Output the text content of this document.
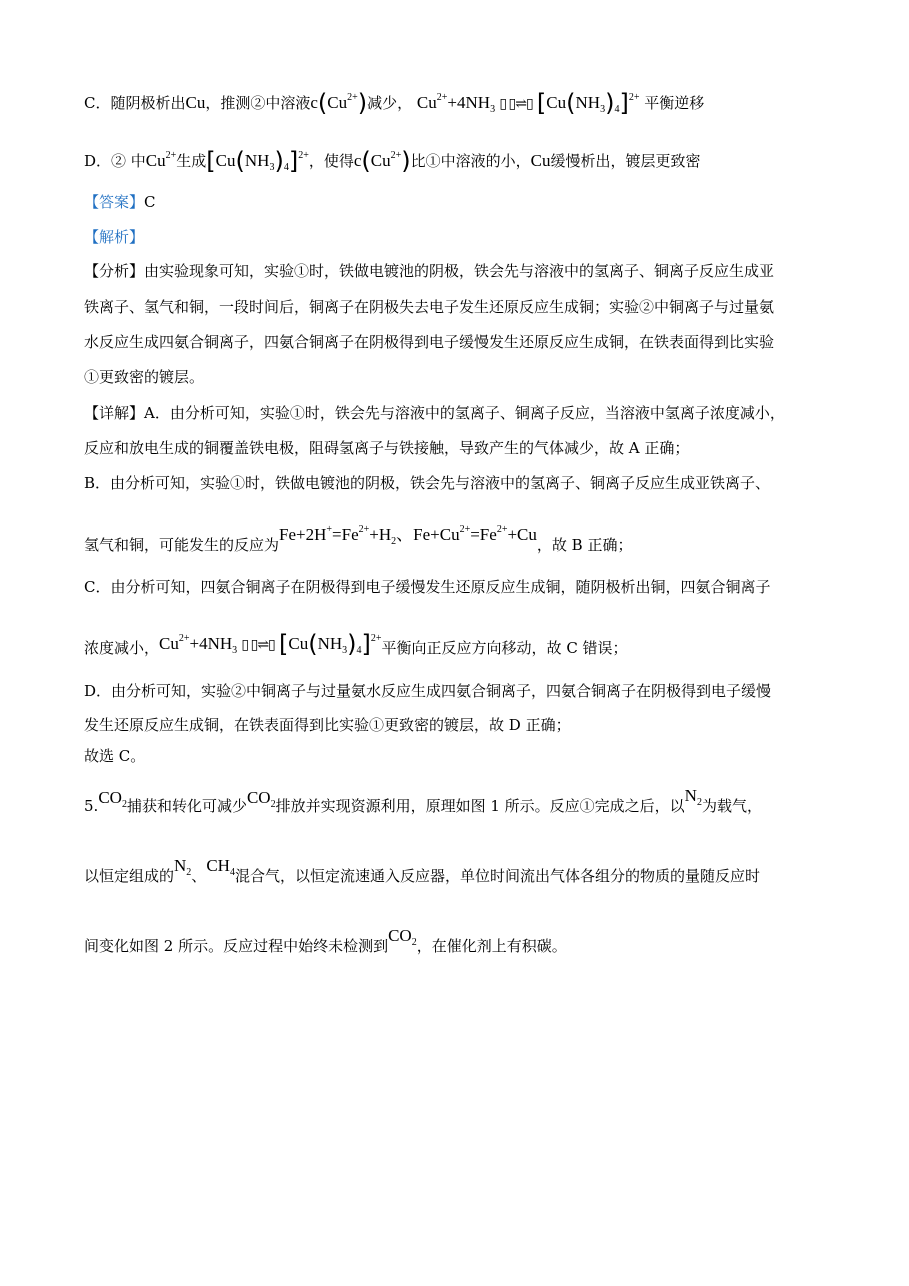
C．随阴极析出Cu，推测②中溶液$c(Cu^{2+})$减少， $Cu^{2+}+4NH_3$ ▯ ▯⇌▯ $[Cu(NH_3)_4]^{2+}$ 平衡逆移
D．② 中$Cu^{2+}$生成$[Cu(NH_3)_4]^{2+}$，使得$c(Cu^{2+})$比①中溶液的小，Cu缓慢析出，镀层更致密
【答案】C
【解析】
【分析】由实验现象可知，实验①时，铁做电镀池的阴极，铁会先与溶液中的氢离子、铜离子反应生成亚
铁离子、氢气和铜，一段时间后，铜离子在阴极失去电子发生还原反应生成铜；实验②中铜离子与过量氨
水反应生成四氨合铜离子，四氨合铜离子在阴极得到电子缓慢发生还原反应生成铜，在铁表面得到比实验
①更致密的镀层。
【详解】A．由分析可知，实验①时，铁会先与溶液中的氢离子、铜离子反应，当溶液中氢离子浓度减小，
反应和放电生成的铜覆盖铁电极，阻碍氢离子与铁接触，导致产生的气体减少，故 A 正确；
B．由分析可知，实验①时，铁做电镀池的阴极，铁会先与溶液中的氢离子、铜离子反应生成亚铁离子、
氢气和铜，可能发生的反应为$Fe+2H^+=Fe^{2+}+H_2$、$Fe+Cu^{2+}=Fe^{2+}+Cu$，故 B 正确；
C．由分析可知，四氨合铜离子在阴极得到电子缓慢发生还原反应生成铜，随阴极析出铜，四氨合铜离子
浓度减小，$Cu^{2+}+4NH_3$ ▯ ▯⇌▯ $[Cu(NH_3)_4]^{2+}$平衡向正反应方向移动，故 C 错误；
D．由分析可知，实验②中铜离子与过量氨水反应生成四氨合铜离子，四氨合铜离子在阴极得到电子缓慢
发生还原反应生成铜，在铁表面得到比实验①更致密的镀层，故 D 正确；
故选 C。
$5.CO_2$捕获和转化可减少$CO_2$排放并实现资源利用，原理如图 1 所示。反应①完成之后，以$N_2$为载气，
以恒定组成的$N_2$、$CH_4$混合气，以恒定流速通入反应器，单位时间流出气体各组分的物质的量随反应时
间变化如图 2 所示。反应过程中始终未检测到$CO_2$，在催化剂上有积碳。
